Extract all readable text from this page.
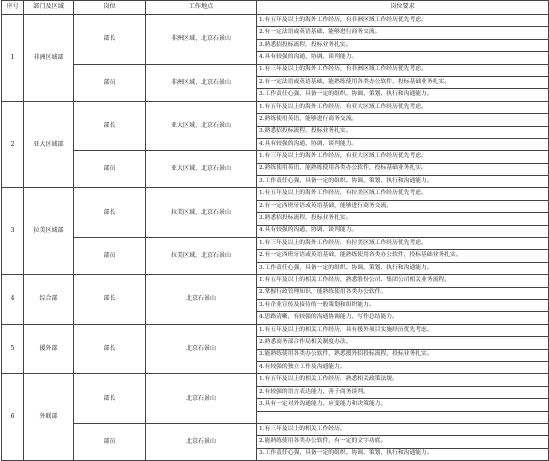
序号	部门及区域	岗位	工作地点	岗位要求
1	非洲区域部	部长	非洲区域、北京石景山	1.有五年及以上的海外工作经历，有非洲区域工作经历优先考虑。
				2.有一定法语或英语基础，能够进行商务交流。
				3.熟悉招投标流程，投标业务扎实。
				4.具有较强的沟通、协调、谈判能力。
		部员	非洲区域、北京石景山	1.有三年及以上的海外工作经历，有非洲区域工作经历优先考虑。
				2.有一定法语或英语基础，能熟练使用各类办公软件，投标基础业务扎实。
				3.工作责任心强，具备一定的组织、协调、策划、执行和沟通能力。
2	亚大区域部	部长	亚大区域、北京石景山	1.有五年及以上的海外工作经历，有亚大区域工作经历优先考虑。
				2.熟练使用英语，能够进行商务交流。
				3.熟悉招投标流程，投标业务扎实。
				4.具有较强的沟通、协调、谈判能力。
		部员	亚大区域、北京石景山	1.有三年及以上的海外工作经历，有亚大区域工作经历优先考虑。
				2.熟练使用英语，能熟练使用各类办公软件，投标基础业务扎实。
				3.工作责任心强，具备一定的组织、协调、策划、执行和沟通能力。
3	拉美区域部	部长	拉美区域、北京石景山	1.有五年及以上的海外工作经历，有拉美区域工作经历优先考虑。
				2.有一定西班牙语或英语基础，能够进行商务交流。
				3.熟悉招投标流程，投标业务扎实。
				4.具有较强的沟通、协调、谈判能力。
		部员	拉美区域、北京石景山	1.有三年及以上的海外工作经历，有拉美区域工作经历优先考虑。
				2.有一定西班牙语或英语基础，能熟练使用各类办公软件，投标基础业务扎实。
				3.工作责任心强，具备一定的组织、协调、策划、执行和沟通能力。
4	综合部	部长	北京石景山	1.有五年及以上的相关工作经历，熟悉股份公司、集团公司相关业务流程。
				2.掌握行政管理知识，能熟练使用各类办公软件。
				3.有企业宣传及接待的一般策划和组织能力。
				4.思路清晰，有较强的沟通协调能力、写作总结能力。
5	援外部	部长	北京石景山	1.有五年及以上的相关工作经历，具有援外项目实施经历优先考虑。
				2.熟悉商务部合作局相关制度办法。
				3.能熟练使用各类办公软件，熟悉援外招投标流程，投标业务扎实。
				4.有较强的独立工作及沟通能力。
6	外联部	部长	北京石景山	1.有五年及以上的相关工作经历，熟悉相关政策法规。
				2.有较强的语言表达能力，善于商务谈判。
				3.具有一定对外沟通能力、应变能力和决策能力。

		部员	北京石景山	1.有三年及以上的相关工作经历。
				2.能熟练使用各类办公软件，有一定的文字功底。
				3.工作责任心强，具备一定的组织、协调、策划、执行和沟通能力。
